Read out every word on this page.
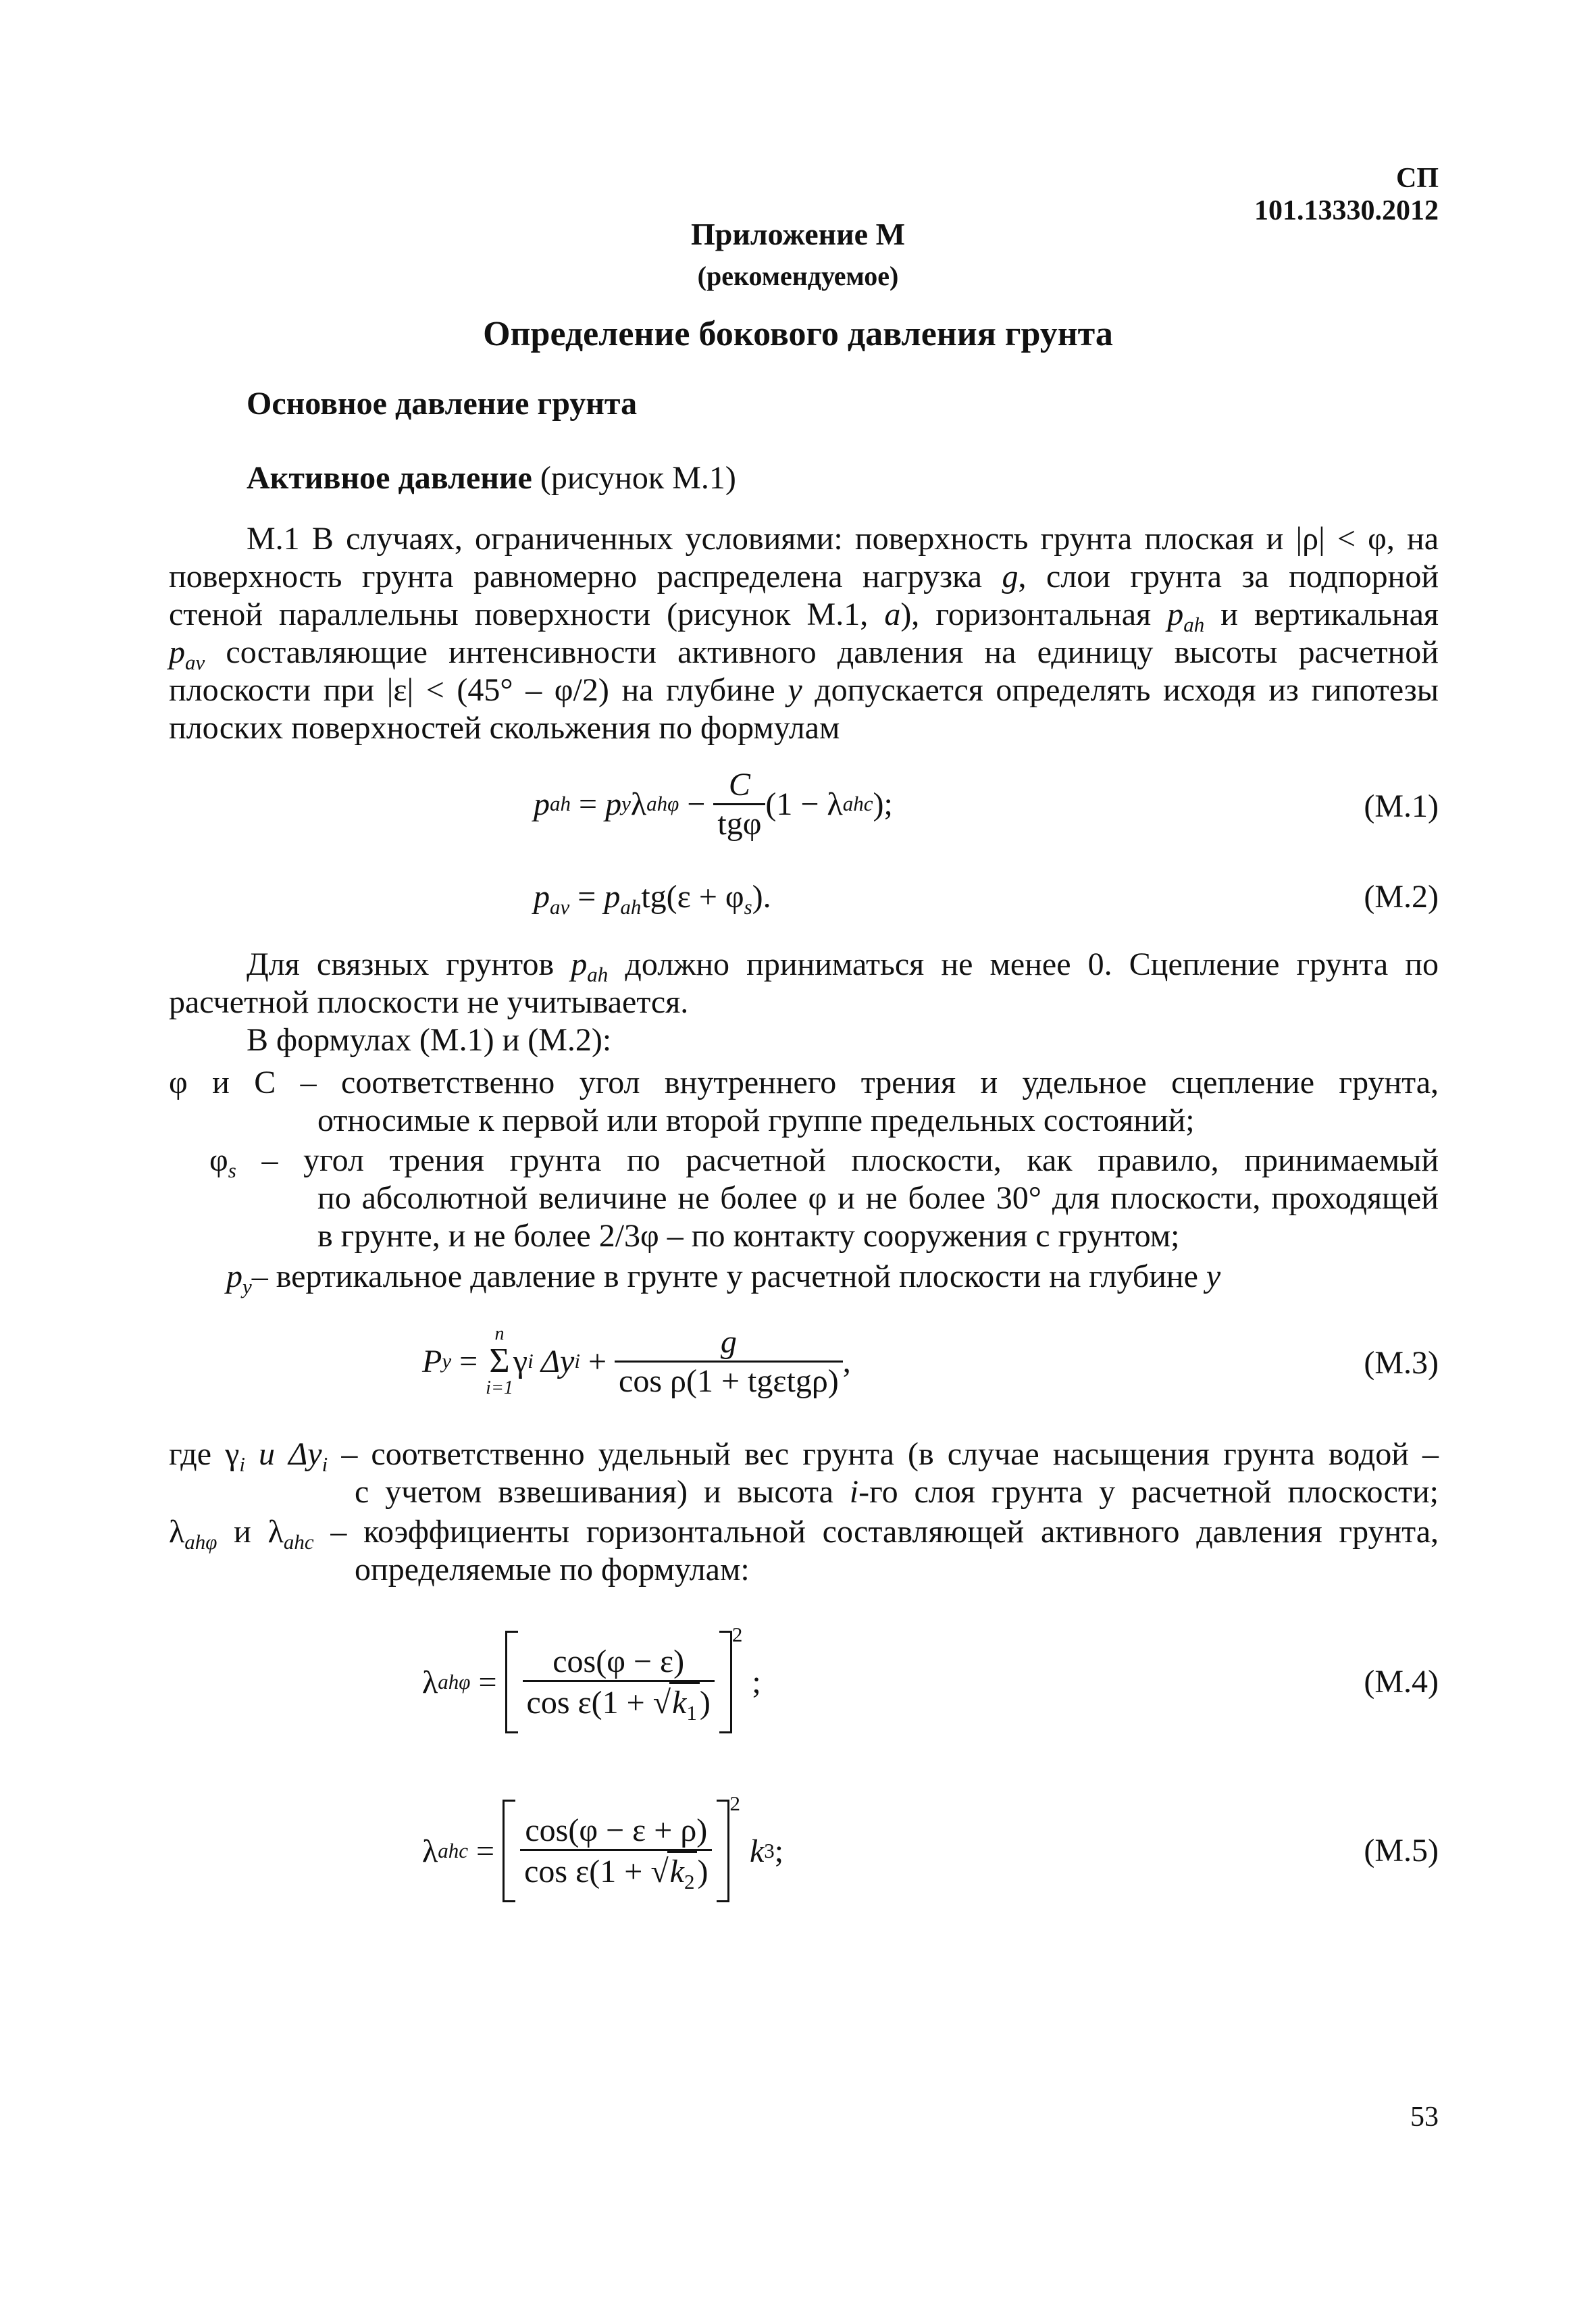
СП 101.13330.2012
Приложение М
(рекомендуемое)
Определение бокового давления грунта
Основное давление грунта
Активное давление (рисунок М.1)
М.1 В случаях, ограниченных условиями: поверхность грунта плоская и |ρ| < φ, на
поверхность грунта равномерно распределена нагрузка g, слои грунта за подпорной
стеной параллельны поверхности (рисунок М.1, а), горизонтальная $p_{ah}$ и вертикальная
$p_{av}$ составляющие интенсивности активного давления на единицу высоты расчетной
плоскости при |ε| < (45° – φ/2) на глубине y допускается определять исходя из гипотезы
плоских поверхностей скольжения по формулам
p ah = p y λ $ah\varphi - \frac{C}{\text{tgφ}} (1 - \lambda$ ahc );	(М.1)
$p_{av} = p_{ah}tg(\varepsilon + \varphi_s)$.	(М.2)
Для связных грунтов $p_{ah}$ должно приниматься не менее 0. Сцепление грунта по
расчетной плоскости не учитывается.
В формулах (М.1) и (М.2):
φ и C – соответственно угол внутреннего трения и удельное сцепление грунта,
относимые к первой или второй группе предельных состояний;
$\varphi_s$ – угол трения грунта по расчетной плоскости, как правило, принимаемый
по абсолютной величине не более φ и не более 30° для плоскости, проходящей
в грунте, и не более 2/3φ – по контакту сооружения с грунтом;
$p_y-$ вертикальное давление в грунте у расчетной плоскости на глубине y
P y =
n
Σ
i=1
γ i Δy $i + \frac{g}{\text{cos ρ(1 + tgεtgρ)}}$ ,	(М.3)
где $\gamma_i$ и $\Delta y_i$ – соответственно удельный вес грунта (в случае насыщения грунта водой –
с учетом взвешивания) и высота i-го слоя грунта у расчетной плоскости;
$\lambda_{ah\varphi}$ и $\lambda_{ahc}$ – коэффициенты горизонтальной составляющей активного давления грунта,
определяемые по формулам:
λ $ah\varphi = \frac{\cos(\varphi - \varepsilon)}{\cos \varepsilon(1 + √k_1)}$
2
;	(М.4)
λ ahc = $\frac{\cos(\varphi - \varepsilon + \rho)}{\cos \varepsilon(1 + √k_2)}$
2
k 3 ;	(М.5)
53
